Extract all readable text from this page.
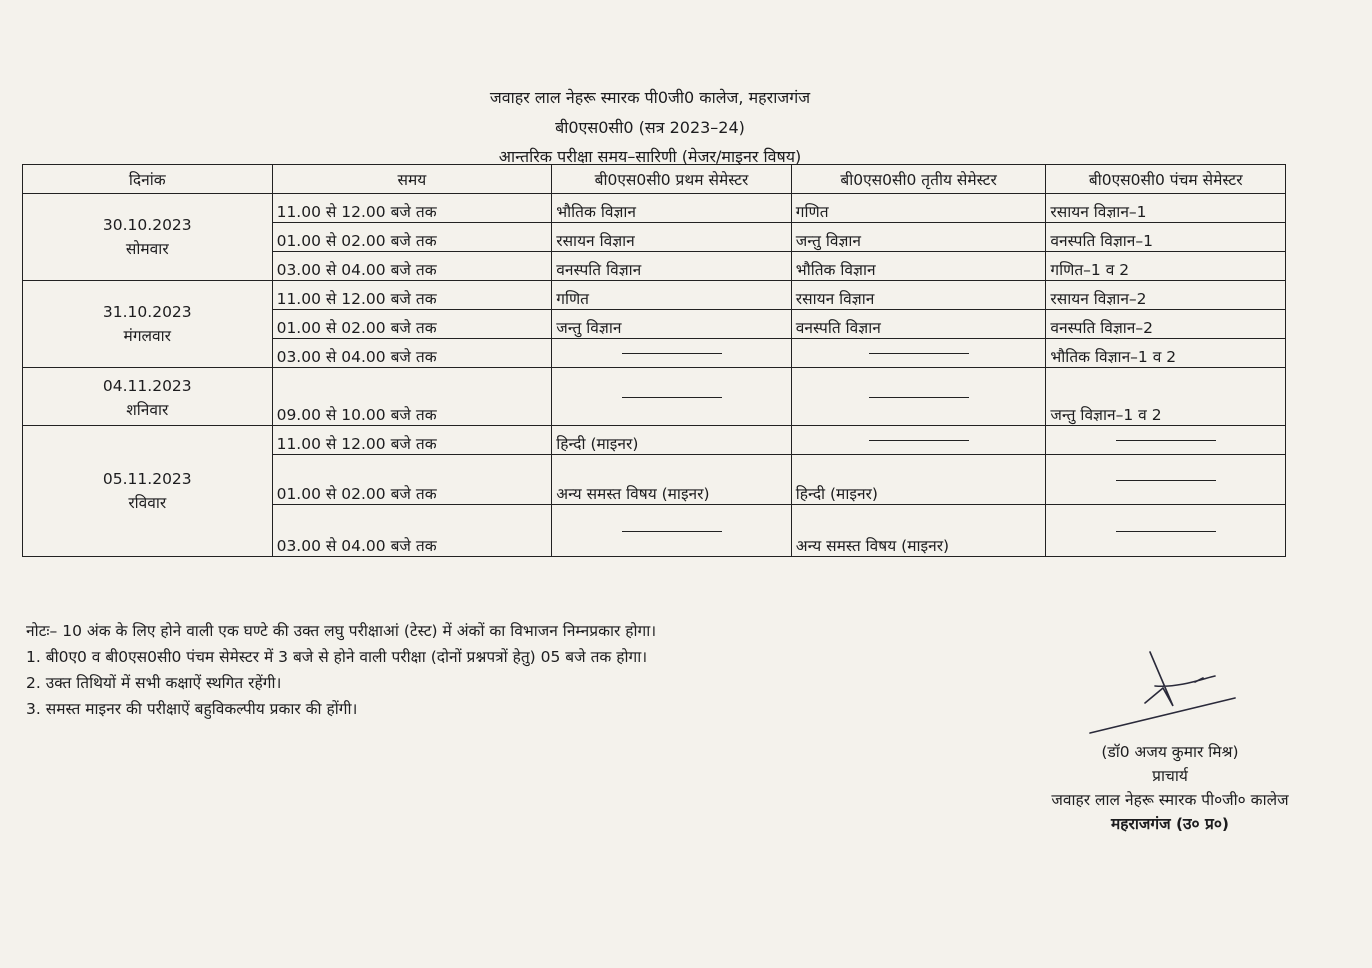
जवाहर लाल नेहरू स्मारक पी0जी0 कालेज, महराजगंज
बी0एस0सी0 (सत्र 2023–24)
आन्तरिक परीक्षा समय–सारिणी (मेजर/माइनर विषय)
दिनांक	समय	बी0एस0सी0 प्रथम सेमेस्टर	बी0एस0सी0 तृतीय सेमेस्टर	बी0एस0सी0 पंचम सेमेस्टर

30.10.2023
सोमवार	11.00 से 12.00 बजे तक	भौतिक विज्ञान	गणित	रसायन विज्ञान–1
	01.00 से 02.00 बजे तक	रसायन विज्ञान	जन्तु विज्ञान	वनस्पति विज्ञान–1
	03.00 से 04.00 बजे तक	वनस्पति विज्ञान	भौतिक विज्ञान	गणित–1 व 2

31.10.2023
मंगलवार	11.00 से 12.00 बजे तक	गणित	रसायन विज्ञान	रसायन विज्ञान–2
	01.00 से 02.00 बजे तक	जन्तु विज्ञान	वनस्पति विज्ञान	वनस्पति विज्ञान–2
	03.00 से 04.00 बजे तक			भौतिक विज्ञान–1 व 2

04.11.2023
शनिवार	09.00 से 10.00 बजे तक			जन्तु विज्ञान–1 व 2

05.11.2023
रविवार	11.00 से 12.00 बजे तक	हिन्दी (माइनर)		
	01.00 से 02.00 बजे तक	अन्य समस्त विषय (माइनर)	हिन्दी (माइनर)	
	03.00 से 04.00 बजे तक		अन्य समस्त विषय (माइनर)	
नोटः– 10 अंक के लिए होने वाली एक घण्टे की उक्त लघु परीक्षाआं (टेस्ट) में अंकों का विभाजन निम्नप्रकार होगा।
1. बी0ए0 व बी0एस0सी0 पंचम सेमेस्टर में 3 बजे से होने वाली परीक्षा (दोनों प्रश्नपत्रों हेतु) 05 बजे तक होगा।
2. उक्त तिथियों में सभी कक्षाऐं स्थगित रहेंगी।
3. समस्त माइनर की परीक्षाऐं बहुविकल्पीय प्रकार की होंगी।
(डॉ0 अजय कुमार मिश्र)
प्राचार्य
जवाहर लाल नेहरू स्मारक पी०जी० कालेज
महराजगंज (उ० प्र०)
